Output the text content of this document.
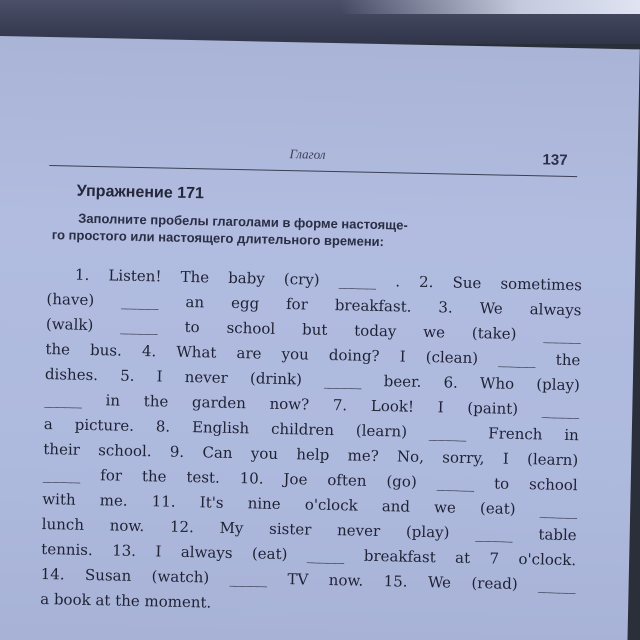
Глагол	137
Упражнение 171
Заполните пробелы глаголами в форме настояще-
го простого или настоящего длительного времени:
1. Listen! The baby (cry) _____ . 2. Sue sometimes
(have) _____ an egg for breakfast. 3. We always
(walk) _____ to school but today we (take) _____
the bus. 4. What are you doing? I (clean) _____ the
dishes. 5. I never (drink) _____ beer. 6. Who (play)
_____ in the garden now? 7. Look! I (paint) _____
a picture. 8. English children (learn) _____ French in
their school. 9. Can you help me? No, sorry, I (learn)
_____ for the test. 10. Joe often (go) _____ to school
with me. 11. It's nine o'clock and we (eat) _____
lunch now. 12. My sister never (play) _____ table
tennis. 13. I always (eat) _____ breakfast at 7 o'clock.
14. Susan (watch) _____ TV now. 15. We (read) _____
a book at the moment.
